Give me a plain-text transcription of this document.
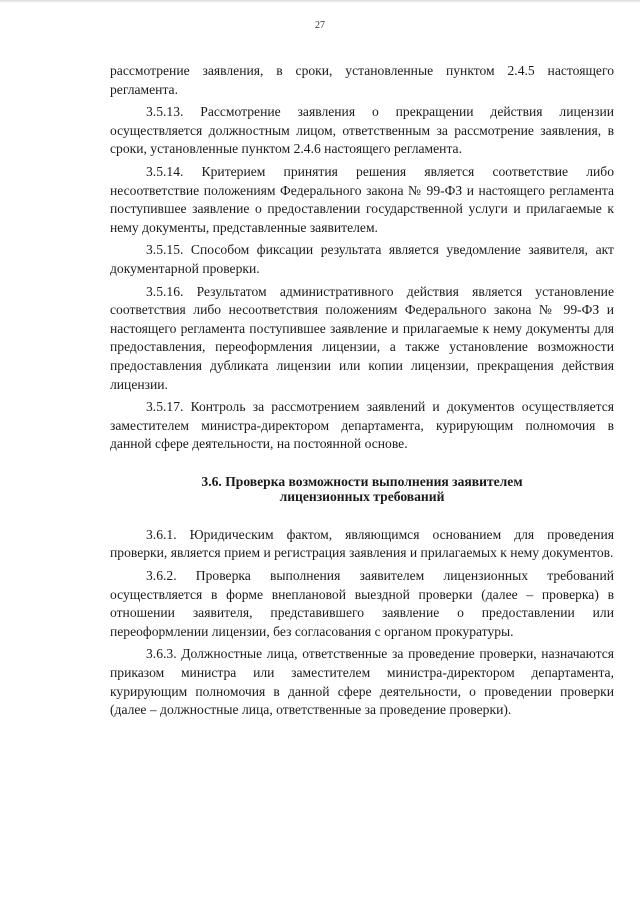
27

рассмотрение заявления, в сроки, установленные пунктом 2.4.5 настоящего регламента.

3.5.13. Рассмотрение заявления о прекращении действия лицензии осуществляется должностным лицом, ответственным за рассмотрение заявления, в сроки, установленные пунктом 2.4.6 настоящего регламента.

3.5.14. Критерием принятия решения является соответствие либо несоответствие положениям Федерального закона № 99-ФЗ и настоящего регламента поступившее заявление о предоставлении государственной услуги и прилагаемые к нему документы, представленные заявителем.

3.5.15. Способом фиксации результата является уведомление заявителя, акт документарной проверки.

3.5.16. Результатом административного действия является установление соответствия либо несоответствия положениям Федерального закона № 99-ФЗ и настоящего регламента поступившее заявление и прилагаемые к нему документы для предоставления, переоформления лицензии, а также установление возможности предоставления дубликата лицензии или копии лицензии, прекращения действия лицензии.

3.5.17. Контроль за рассмотрением заявлений и документов осуществляется заместителем министра-директором департамента, курирующим полномочия в данной сфере деятельности, на постоянной основе.

3.6. Проверка возможности выполнения заявителем
лицензионных требований

3.6.1. Юридическим фактом, являющимся основанием для проведения проверки, является прием и регистрация заявления и прилагаемых к нему документов.

3.6.2. Проверка выполнения заявителем лицензионных требований осуществляется в форме внеплановой выездной проверки (далее – проверка) в отношении заявителя, представившего заявление о предоставлении или переоформлении лицензии, без согласования с органом прокуратуры.

3.6.3. Должностные лица, ответственные за проведение проверки, назначаются приказом министра или заместителем министра-директором департамента, курирующим полномочия в данной сфере деятельности, о проведении проверки (далее – должностные лица, ответственные за проведение проверки).
